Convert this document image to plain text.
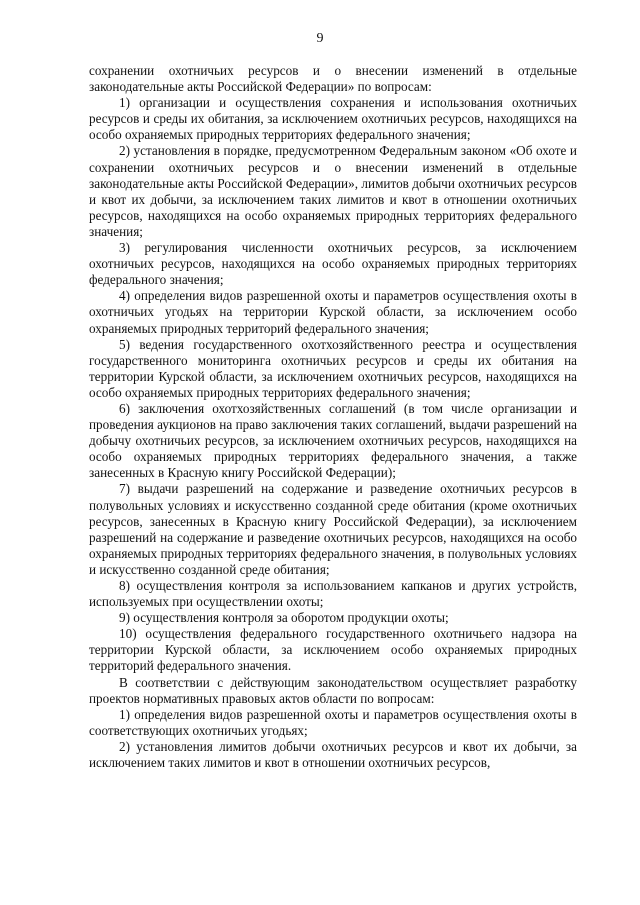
9

сохранении охотничьих ресурсов и о внесении изменений в отдельные законодательные акты Российской Федерации» по вопросам:

1) организации и осуществления сохранения и использования охотничьих ресурсов и среды их обитания, за исключением охотничьих ресурсов, находящихся на особо охраняемых природных территориях федерального значения;

2) установления в порядке, предусмотренном Федеральным законом «Об охоте и сохранении охотничьих ресурсов и о внесении изменений в отдельные законодательные акты Российской Федерации», лимитов добычи охотничьих ресурсов и квот их добычи, за исключением таких лимитов и квот в отношении охотничьих ресурсов, находящихся на особо охраняемых природных территориях федерального значения;

3) регулирования численности охотничьих ресурсов, за исключением охотничьих ресурсов, находящихся на особо охраняемых природных территориях федерального значения;

4) определения видов разрешенной охоты и параметров осуществления охоты в охотничьих угодьях на территории Курской области, за исключением особо охраняемых природных территорий федерального значения;

5) ведения государственного охотхозяйственного реестра и осуществления государственного мониторинга охотничьих ресурсов и среды их обитания на территории Курской области, за исключением охотничьих ресурсов, находящихся на особо охраняемых природных территориях федерального значения;

6) заключения охотхозяйственных соглашений (в том числе организации и проведения аукционов на право заключения таких соглашений, выдачи разрешений на добычу охотничьих ресурсов, за исключением охотничьих ресурсов, находящихся на особо охраняемых природных территориях федерального значения, а также занесенных в Красную книгу Российской Федерации);

7) выдачи разрешений на содержание и разведение охотничьих ресурсов в полувольных условиях и искусственно созданной среде обитания (кроме охотничьих ресурсов, занесенных в Красную книгу Российской Федерации), за исключением разрешений на содержание и разведение охотничьих ресурсов, находящихся на особо охраняемых природных территориях федерального значения, в полувольных условиях и искусственно созданной среде обитания;

8) осуществления контроля за использованием капканов и других устройств, используемых при осуществлении охоты;

9) осуществления контроля за оборотом продукции охоты;

10) осуществления федерального государственного охотничьего надзора на территории Курской области, за исключением особо охраняемых природных территорий федерального значения.

В соответствии с действующим законодательством осуществляет разработку проектов нормативных правовых актов области по вопросам:

1) определения видов разрешенной охоты и параметров осуществления охоты в соответствующих охотничьих угодьях;

2) установления лимитов добычи охотничьих ресурсов и квот их добычи, за исключением таких лимитов и квот в отношении охотничьих ресурсов,
